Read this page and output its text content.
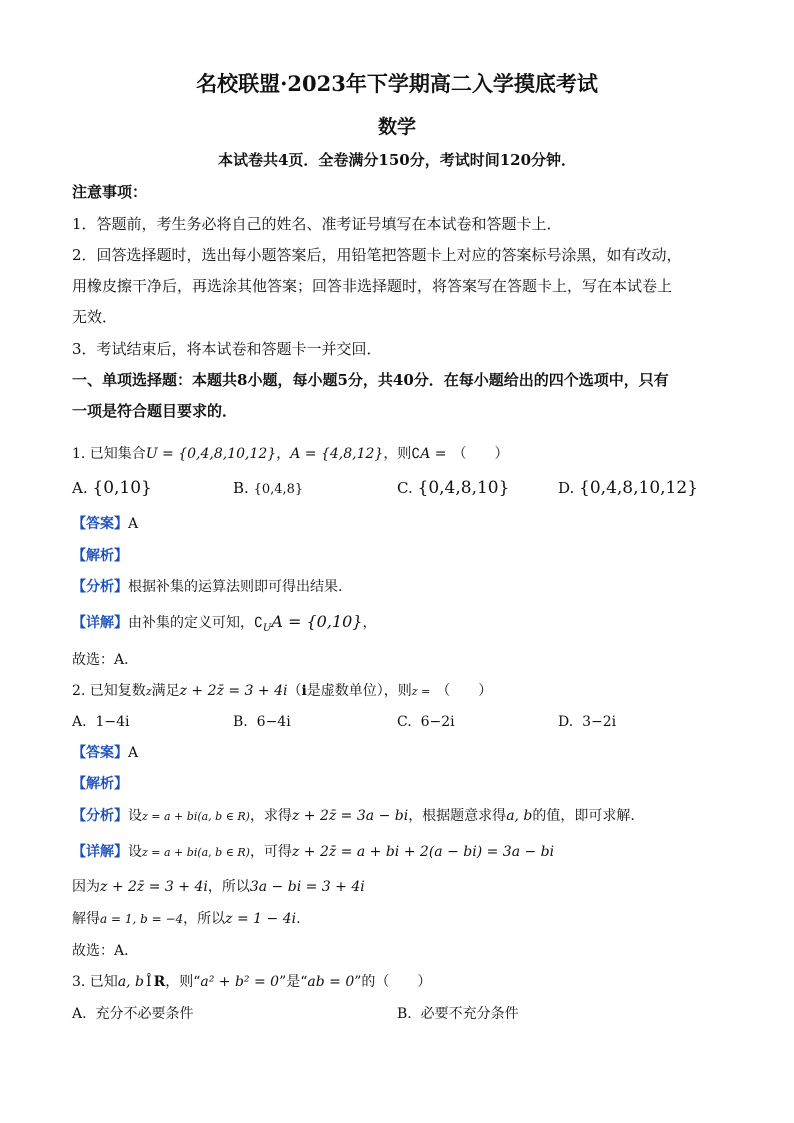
名校联盟·2023年下学期高二入学摸底考试
数学
本试卷共4页．全卷满分150分，考试时间120分钟．
注意事项：
1．答题前，考生务必将自己的姓名、准考证号填写在本试卷和答题卡上．
2．回答选择题时，选出每小题答案后，用铅笔把答题卡上对应的答案标号涂黑，如有改动，
用橡皮擦干净后，再选涂其他答案；回答非选择题时，将答案写在答题卡上，写在本试卷上
无效．
3．考试结束后，将本试卷和答题卡一并交回．
一、单项选择题：本题共8小题，每小题5分，共40分．在每小题给出的四个选项中，只有
一项是符合题目要求的．
1. 已知集合U = {0,4,8,10,12}，A = {4,8,12}，则∁A = （　　）
A. {0,10}	B. {0,4,8}	C. {0,4,8,10}	D. {0,4,8,10,12}
【答案】A
【解析】
【分析】根据补集的运算法则即可得出结果.
【详解】由补集的定义可知，$∁_UA = \{0,10\}$，
故选：A．
2. 已知复数z满足z + 2z̄ = 3 + 4i（i是虚数单位），则z = （　　）
A. 1−4i	B. 6−4i	C. 6−2i	D. 3−2i
【答案】A
【解析】
【分析】设z = a + bi(a, b ∈ R)，求得z + 2z̄ = 3a − bi，根据题意求得a, b的值，即可求解.
【详解】设z = a + bi(a, b ∈ R)，可得z + 2z̄ = a + bi + 2(a − bi) = 3a − bi
因为z + 2z̄ = 3 + 4i，所以3a − bi = 3 + 4i
解得a = 1, b = −4，所以z = 1 − 4i.
故选：A．
3. 已知a, b Î R，则“a² + b² = 0”是“ab = 0”的（　　）
A. 充分不必要条件	B. 必要不充分条件
